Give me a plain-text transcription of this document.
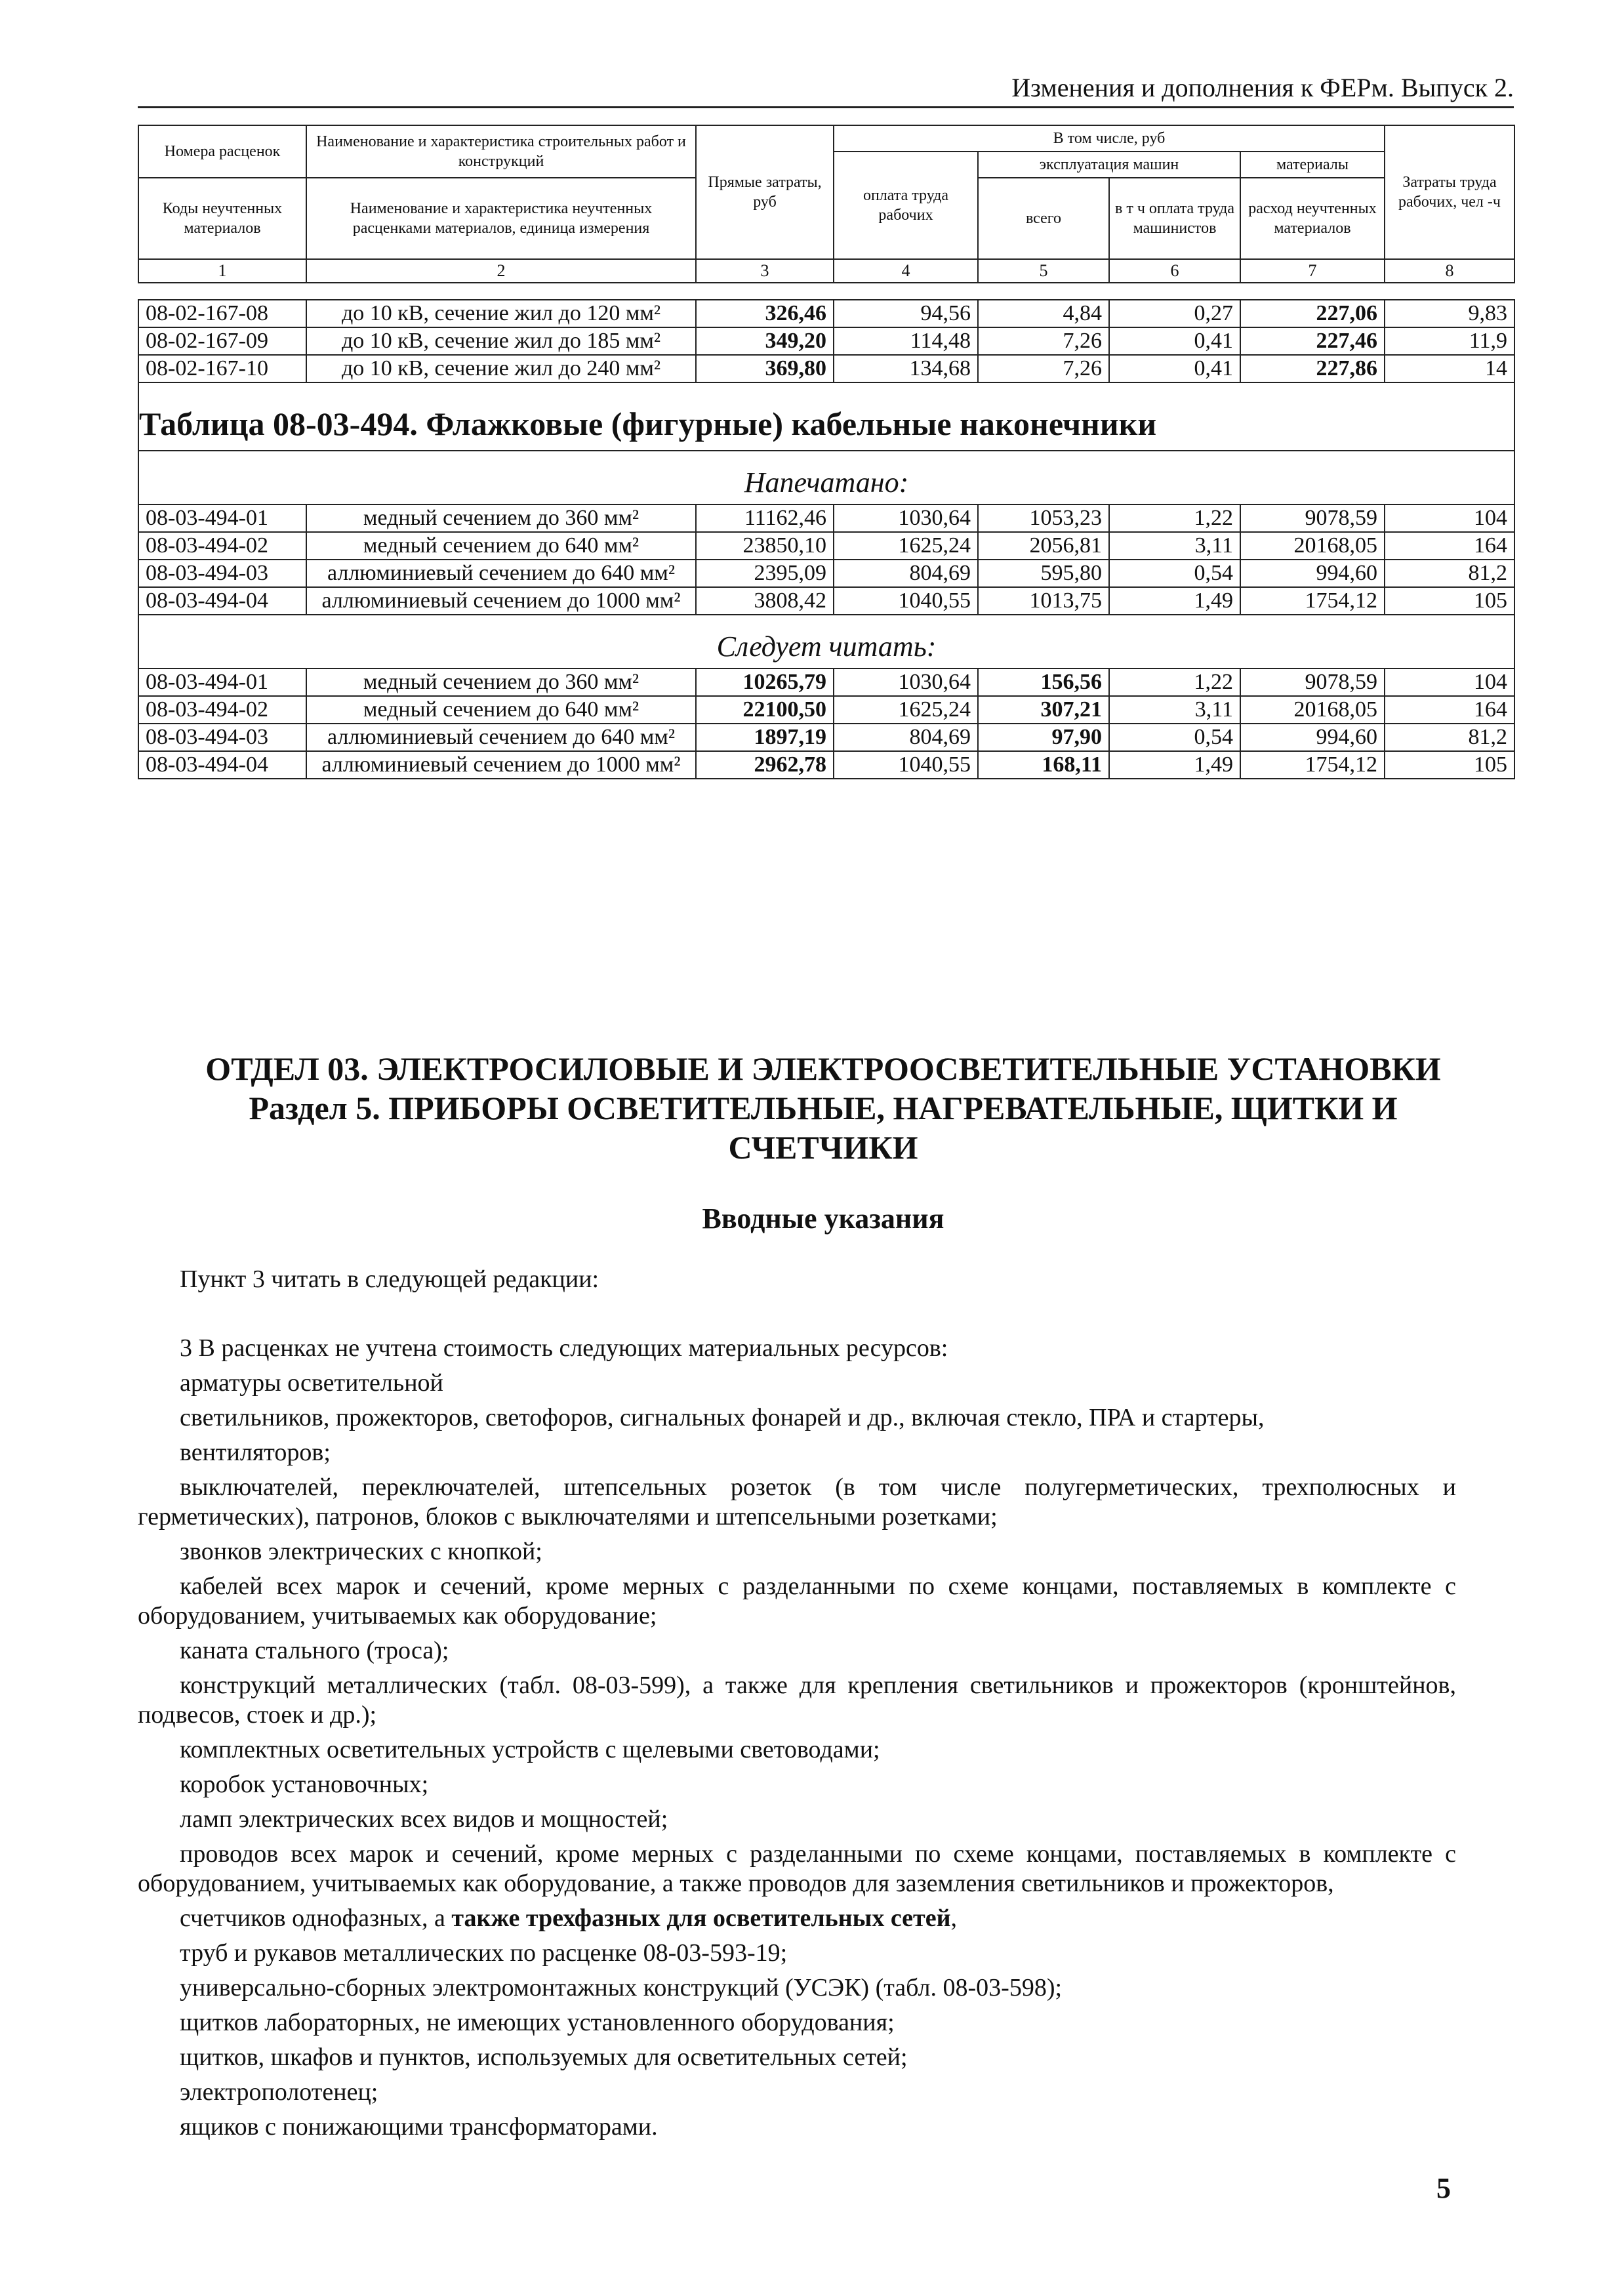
Изменения и дополнения к ФЕРм. Выпуск 2.
Номера расценок	Наименование и характеристика строительных работ и конструкций	Прямые затраты, руб	В том числе, руб				Затраты труда рабочих, чел -ч
			оплата труда рабочих	эксплуатация машин		материалы	
Коды неучтенных материалов	Наименование и характеристика неучтенных расценками материалов, единица измерения			всего	в т ч оплата труда машинистов	расход неучтенных материалов	

1	2	3	4	5	6	7	8
08-02-167-08	до 10 кВ, сечение жил до 120 мм²	326,46	94,56	4,84	0,27	227,06	9,83
08-02-167-09	до 10 кВ, сечение жил до 185 мм²	349,20	114,48	7,26	0,41	227,46	11,9
08-02-167-10	до 10 кВ, сечение жил до 240 мм²	369,80	134,68	7,26	0,41	227,86	14
Таблица 08-03-494. Флажковые (фигурные) кабельные наконечники							
Напечатано:							
08-03-494-01	медный сечением до 360 мм²	11162,46	1030,64	1053,23	1,22	9078,59	104
08-03-494-02	медный сечением до 640 мм²	23850,10	1625,24	2056,81	3,11	20168,05	164
08-03-494-03	аллюминиевый сечением до 640 мм²	2395,09	804,69	595,80	0,54	994,60	81,2
08-03-494-04	аллюминиевый сечением до 1000 мм²	3808,42	1040,55	1013,75	1,49	1754,12	105
Следует читать:							
08-03-494-01	медный сечением до 360 мм²	10265,79	1030,64	156,56	1,22	9078,59	104
08-03-494-02	медный сечением до 640 мм²	22100,50	1625,24	307,21	3,11	20168,05	164
08-03-494-03	аллюминиевый сечением до 640 мм²	1897,19	804,69	97,90	0,54	994,60	81,2
08-03-494-04	аллюминиевый сечением до 1000 мм²	2962,78	1040,55	168,11	1,49	1754,12	105
ОТДЕЛ 03. ЭЛЕКТРОСИЛОВЫЕ И ЭЛЕКТРООСВЕТИТЕЛЬНЫЕ УСТАНОВКИ
Раздел 5. ПРИБОРЫ ОСВЕТИТЕЛЬНЫЕ, НАГРЕВАТЕЛЬНЫЕ, ЩИТКИ И
СЧЕТЧИКИ
Вводные указания

Пункт 3 читать в следующей редакции:

3 В расценках не учтена стоимость следующих материальных ресурсов:

арматуры осветительной

светильников, прожекторов, светофоров, сигнальных фонарей и др., включая стекло, ПРА и стартеры,

вентиляторов;

выключателей, переключателей, штепсельных розеток (в том числе полугерметических, трехполюсных и герметических), патронов, блоков с выключателями и штепсельными розетками;

звонков электрических с кнопкой;

кабелей всех марок и сечений, кроме мерных с разделанными по схеме концами, поставляемых в комплекте с оборудованием, учитываемых как оборудование;

каната стального (троса);

конструкций металлических (табл. 08-03-599), а также для крепления светильников и прожекторов (кронштейнов, подвесов, стоек и др.);

комплектных осветительных устройств с щелевыми световодами;

коробок установочных;

ламп электрических всех видов и мощностей;

проводов всех марок и сечений, кроме мерных с разделанными по схеме концами, поставляемых в комплекте с оборудованием, учитываемых как оборудование, а также проводов для заземления светильников и прожекторов,

счетчиков однофазных, а также трехфазных для осветительных сетей,

труб и рукавов металлических по расценке 08-03-593-19;

универсально-сборных электромонтажных конструкций (УСЭК) (табл. 08-03-598);

щитков лабораторных, не имеющих установленного оборудования;

щитков, шкафов и пунктов, используемых для осветительных сетей;

электрополотенец;

ящиков с понижающими трансформаторами.

5
